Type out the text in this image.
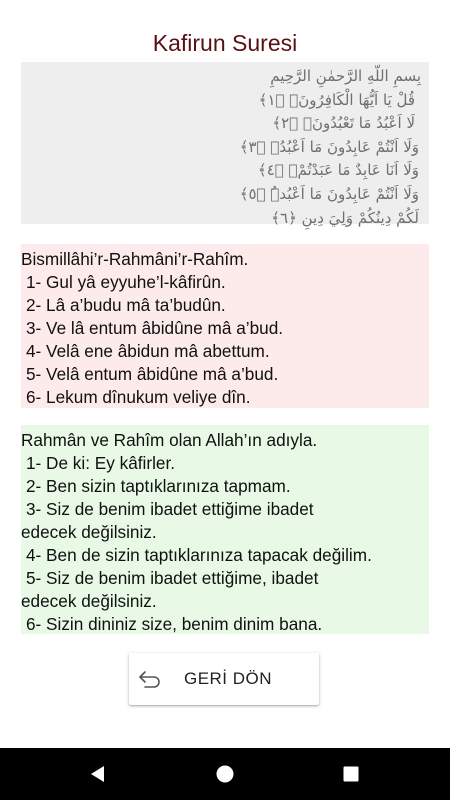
Kafirun Suresi
بِسمِ اللّهِ الرَّحمٰنِ الرَّحِيمِ
قُلْ يَا اَيُّهَا الْكَافِرُونَۙ ﴿١﴾
لَا اَعْبُدُ مَا تَعْبُدُونَۙ ﴿٢﴾
وَلَا اَنْتُمْ عَابِدُونَ مَا اَعْبُدُۚ ﴿٣﴾
وَلَا اَنَا عَابِدٌ مَا عَبَدْتُمْۙ ﴿٤﴾
وَلَا اَنْتُمْ عَابِدُونَ مَا اَعْبُدُۜ ﴿٥﴾
لَكُمْ دِينُكُمْ وَلِيَ دِينِ ﴿٦﴾
Bismillâhi’r-Rahmâni’r-Rahîm.
1- Gul yâ eyyuhe’l-kâfirûn.
2- Lâ a’budu mâ ta’budûn.
3- Ve lâ entum âbidûne mâ a’bud.
4- Velâ ene âbidun mâ abettum.
5- Velâ entum âbidûne mâ a’bud.
6- Lekum dînukum veliye dîn.
Rahmân ve Rahîm olan Allah’ın adıyla.
1- De ki: Ey kâfirler.
2- Ben sizin taptıklarınıza tapmam.
3- Siz de benim ibadet ettiğime ibadet
edecek değilsiniz.
4- Ben de sizin taptıklarınıza tapacak değilim.
5- Siz de benim ibadet ettiğime, ibadet
edecek değilsiniz.
6- Sizin dininiz size, benim dinim bana.
GERİ DÖN
